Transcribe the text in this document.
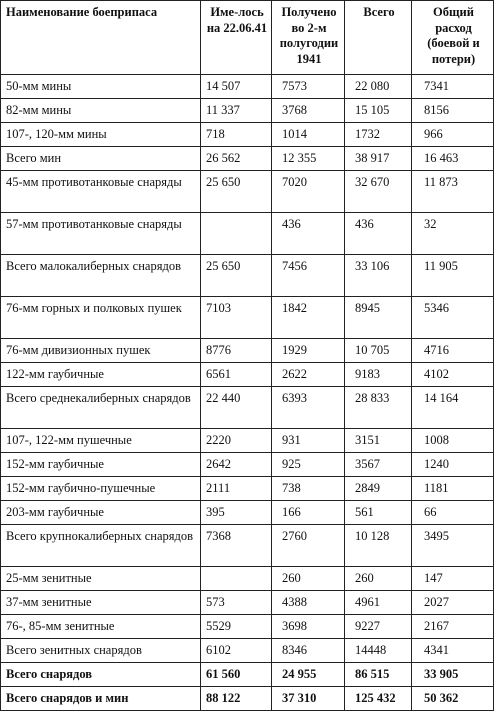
Наименование боеприпаса	Име-лось на 22.06.41	Получено во 2-м полугодии 1941	Всего	Общий расход (боевой и потери)
50-мм мины	14 507	7573	22 080	7341
82-мм мины	11 337	3768	15 105	8156
107-, 120-мм мины	718	1014	1732	966
Всего мин	26 562	12 355	38 917	16 463
45-мм противотанковые снаряды	25 650	7020	32 670	11 873
57-мм противотанковые снаряды		436	436	32
Всего малокалиберных снарядов	25 650	7456	33 106	11 905
76-мм горных и полковых пушек	7103	1842	8945	5346
76-мм дивизионных пушек	8776	1929	10 705	4716
122-мм гаубичные	6561	2622	9183	4102
Всего среднекалиберных снарядов	22 440	6393	28 833	14 164
107-, 122-мм пушечные	2220	931	3151	1008
152-мм гаубичные	2642	925	3567	1240
152-мм гаубично-пушечные	2111	738	2849	1181
203-мм гаубичные	395	166	561	66
Всего крупнокалиберных снарядов	7368	2760	10 128	3495
25-мм зенитные		260	260	147
37-мм зенитные	573	4388	4961	2027
76-, 85-мм зенитные	5529	3698	9227	2167
Всего зенитных снарядов	6102	8346	14448	4341
Всего снарядов	61 560	24 955	86 515	33 905
Всего снарядов и мин	88 122	37 310	125 432	50 362
